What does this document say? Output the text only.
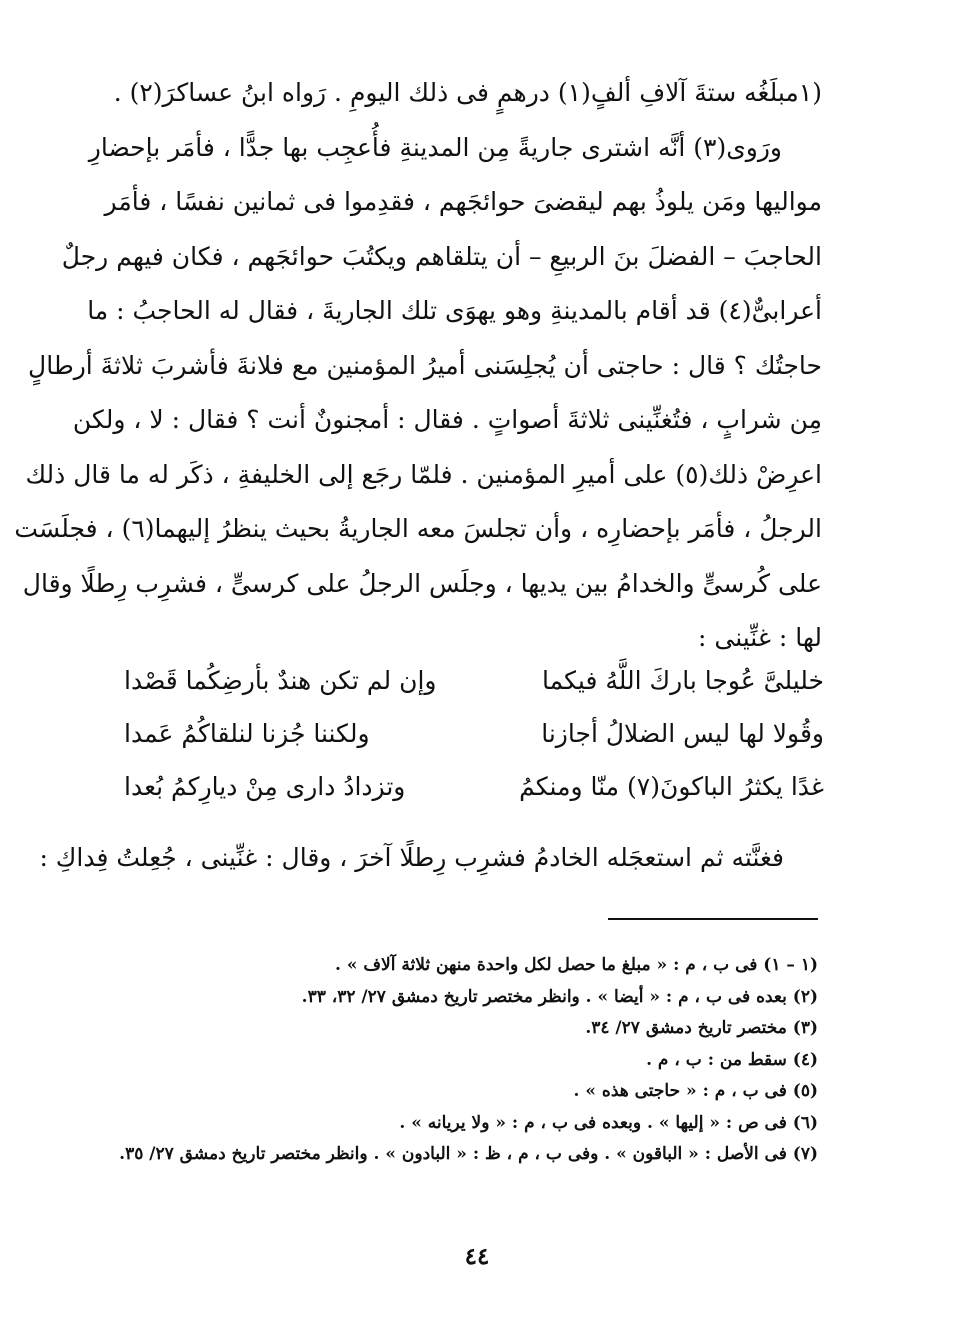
(١مبلَغُه ستةَ آلافِ ألفٍ(١) درهمٍ فى ذلك اليومِ . رَواه ابنُ عساكرَ(٢) .
ورَوى(٣) أنَّه اشترى جاريةً مِن المدينةِ فأُعجِب بها جدًّا ، فأمَر بإحضارِ
مواليها ومَن يلوذُ بهم ليقضىَ حوائجَهم ، فقدِموا فى ثمانين نفسًا ، فأمَر
الحاجبَ – الفضلَ بنَ الربيعِ – أن يتلقاهم ويكتُبَ حوائجَهم ، فكان فيهم رجلٌ
أعرابىٌّ(٤) قد أقام بالمدينةِ وهو يهوَى تلك الجاريةَ ، فقال له الحاجبُ : ما
حاجتُك ؟ قال : حاجتى أن يُجلِسَنى أميرُ المؤمنين مع فلانةَ فأشربَ ثلاثةَ أرطالٍ
مِن شرابٍ ، فتُغنِّينى ثلاثةَ أصواتٍ . فقال : أمجنونٌ أنت ؟ فقال : لا ، ولكن
اعرِضْ ذلك(٥) على أميرِ المؤمنين . فلمّا رجَع إلى الخليفةِ ، ذكَر له ما قال ذلك
الرجلُ ، فأمَر بإحضارِه ، وأن تجلسَ معه الجاريةُ بحيث ينظرُ إليهما(٦) ، فجلَسَت
على كُرسىٍّ والخدامُ بين يديها ، وجلَس الرجلُ على كرسىٍّ ، فشرِب رِطلًا وقال
لها : غنِّينى :

خليلىَّ عُوجا باركَ اللَّهُ فيكما
وإن لم تكن هندٌ بأرضِكُما قَصْدا
وقُولا لها ليس الضلالُ أجازنا
ولكننا جُزنا لنلقاكُمُ عَمدا
غدًا يكثرُ الباكونَ(٧) منّا ومنكمُ
وتزدادُ دارى مِنْ ديارِكمُ بُعدا
فغنَّته ثم استعجَله الخادمُ فشرِب رِطلًا آخرَ ، وقال : غنِّينى ، جُعِلتُ فِداكِ :
(١ – ١) فى ب ، م : « مبلغ ما حصل لكل واحدة منهن ثلاثة آلاف » .
(٢) بعده فى ب ، م : « أيضا » . وانظر مختصر تاريخ دمشق ٢٧/ ٣٢، ٣٣.
(٣) مختصر تاريخ دمشق ٢٧/ ٣٤.
(٤) سقط من : ب ، م .
(٥) فى ب ، م : « حاجتى هذه » .
(٦) فى ص : « إليها » . وبعده فى ب ، م : « ولا يريانه » .
(٧) فى الأصل : « الباقون » . وفى ب ، م ، ظ : « البادون » . وانظر مختصر تاريخ دمشق ٢٧/ ٣٥.
٤٤
